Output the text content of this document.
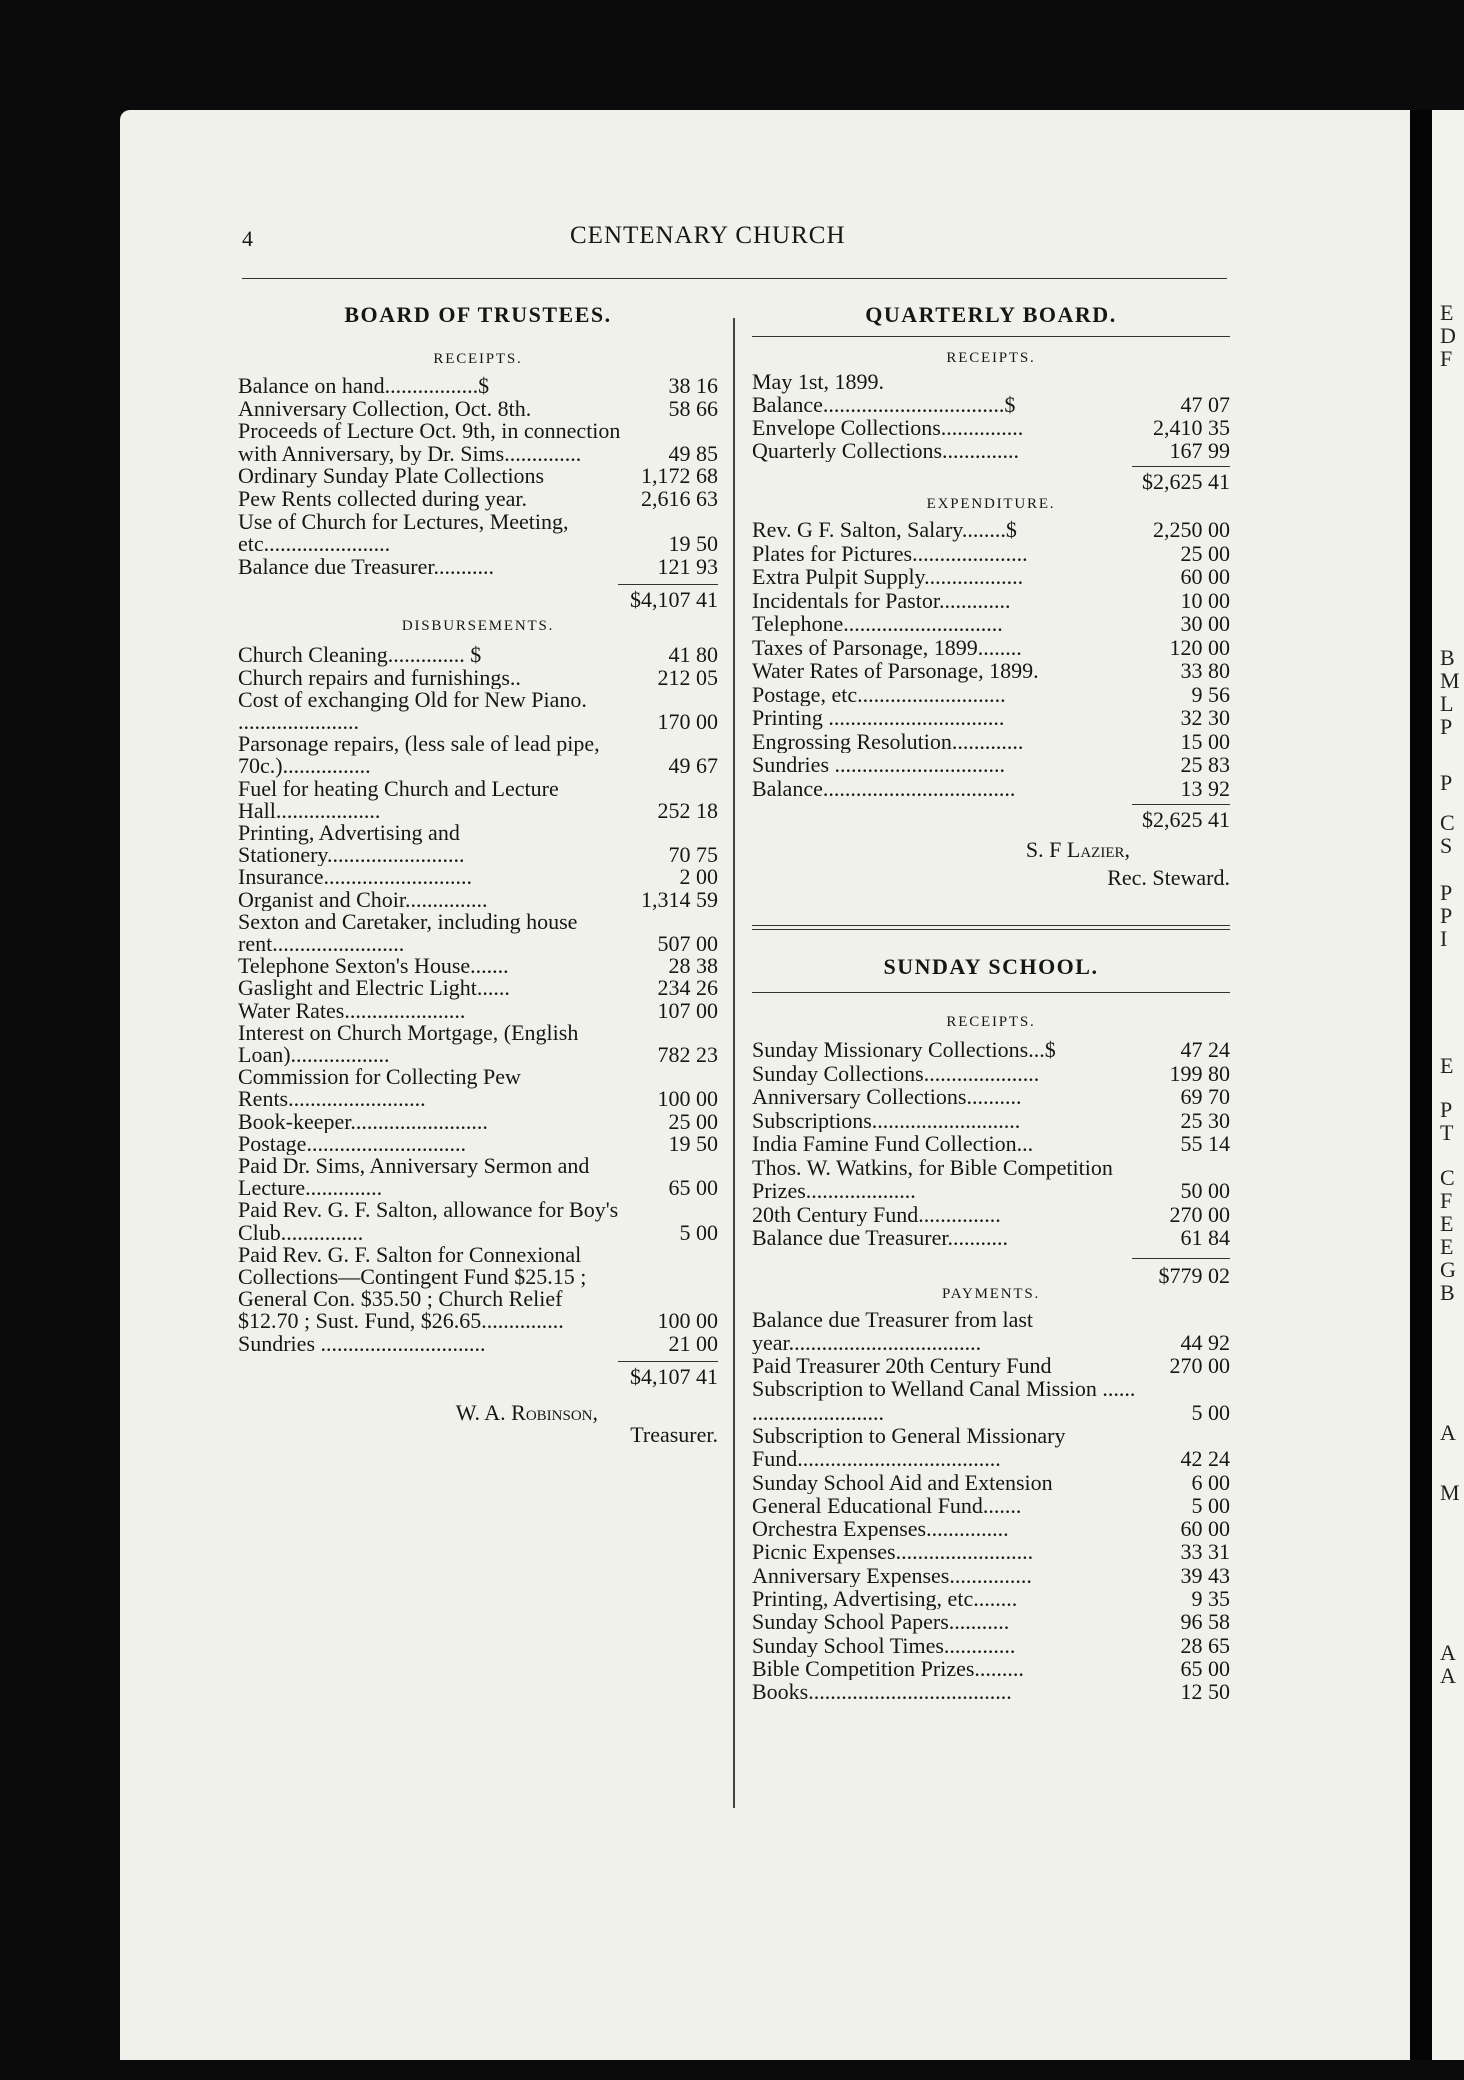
4	CENTENARY CHURCH
BOARD OF TRUSTEES.
RECEIPTS.
Balance on hand.................$	38 16
Anniversary Collection, Oct. 8th.	58 66
Proceeds of Lecture Oct. 9th, in connection with Anniversary, by Dr. Sims..............	49 85
Ordinary Sunday Plate Collections	1,172 68
Pew Rents collected during year.	2,616 63
Use of Church for Lectures, Meeting, etc.......................	19 50
Balance due Treasurer...........	121 93
$4,107 41
DISBURSEMENTS.
Church Cleaning.............. $	41 80
Church repairs and furnishings..	212 05
Cost of exchanging Old for New Piano. ......................	170 00
Parsonage repairs, (less sale of lead pipe, 70c.)................	49 67
Fuel for heating Church and Lecture Hall...................	252 18
Printing, Advertising and Stationery.........................	70 75
Insurance...........................	2 00
Organist and Choir...............	1,314 59
Sexton and Caretaker, including house rent........................	507 00
Telephone Sexton's House.......	28 38
Gaslight and Electric Light......	234 26
Water Rates......................	107 00
Interest on Church Mortgage, (English Loan)..................	782 23
Commission for Collecting Pew Rents.........................	100 00
Book-keeper.........................	25 00
Postage.............................	19 50
Paid Dr. Sims, Anniversary Sermon and Lecture..............	65 00
Paid Rev. G. F. Salton, allowance for Boy's Club...............	5 00
Paid Rev. G. F. Salton for Connexional Collections—Contingent Fund $25.15 ; General Con. $35.50 ; Church Relief $12.70 ; Sust. Fund, $26.65...............	100 00
Sundries ..............................	21 00
$4,107 41
W. A. Robinson,
Treasurer.
QUARTERLY BOARD.
RECEIPTS.
May 1st, 1899.
Balance.................................$	47 07
Envelope Collections...............	2,410 35
Quarterly Collections..............	167 99
$2,625 41
EXPENDITURE.
Rev. G F. Salton, Salary........$	2,250 00
Plates for Pictures.....................	25 00
Extra Pulpit Supply..................	60 00
Incidentals for Pastor.............	10 00
Telephone.............................	30 00
Taxes of Parsonage, 1899........	120 00
Water Rates of Parsonage, 1899.	33 80
Postage, etc...........................	9 56
Printing ................................	32 30
Engrossing Resolution.............	15 00
Sundries ...............................	25 83
Balance...................................	13 92
$2,625 41
S. F Lazier,
Rec. Steward.
SUNDAY SCHOOL.
RECEIPTS.
Sunday Missionary Collections...$	47 24
Sunday Collections.....................	199 80
Anniversary Collections..........	69 70
Subscriptions...........................	25 30
India Famine Fund Collection...	55 14
Thos. W. Watkins, for Bible Competition Prizes....................	50 00
20th Century Fund...............	270 00
Balance due Treasurer...........	61 84
$779 02
PAYMENTS.
Balance due Treasurer from last year...................................	44 92
Paid Treasurer 20th Century Fund	270 00
Subscription to Welland Canal Mission ...... ........................	5 00
Subscription to General Missionary Fund.....................................	42 24
Sunday School Aid and Extension	6 00
General Educational Fund.......	5 00
Orchestra Expenses...............	60 00
Picnic Expenses.........................	33 31
Anniversary Expenses...............	39 43
Printing, Advertising, etc........	9 35
Sunday School Papers...........	96 58
Sunday School Times.............	28 65
Bible Competition Prizes.........	65 00
Books.....................................	12 50
E
D
F
B
M
L
P
P
C
S
P
P
I
E
P
T
C
F
E
E
G
B
A
M
A
A
